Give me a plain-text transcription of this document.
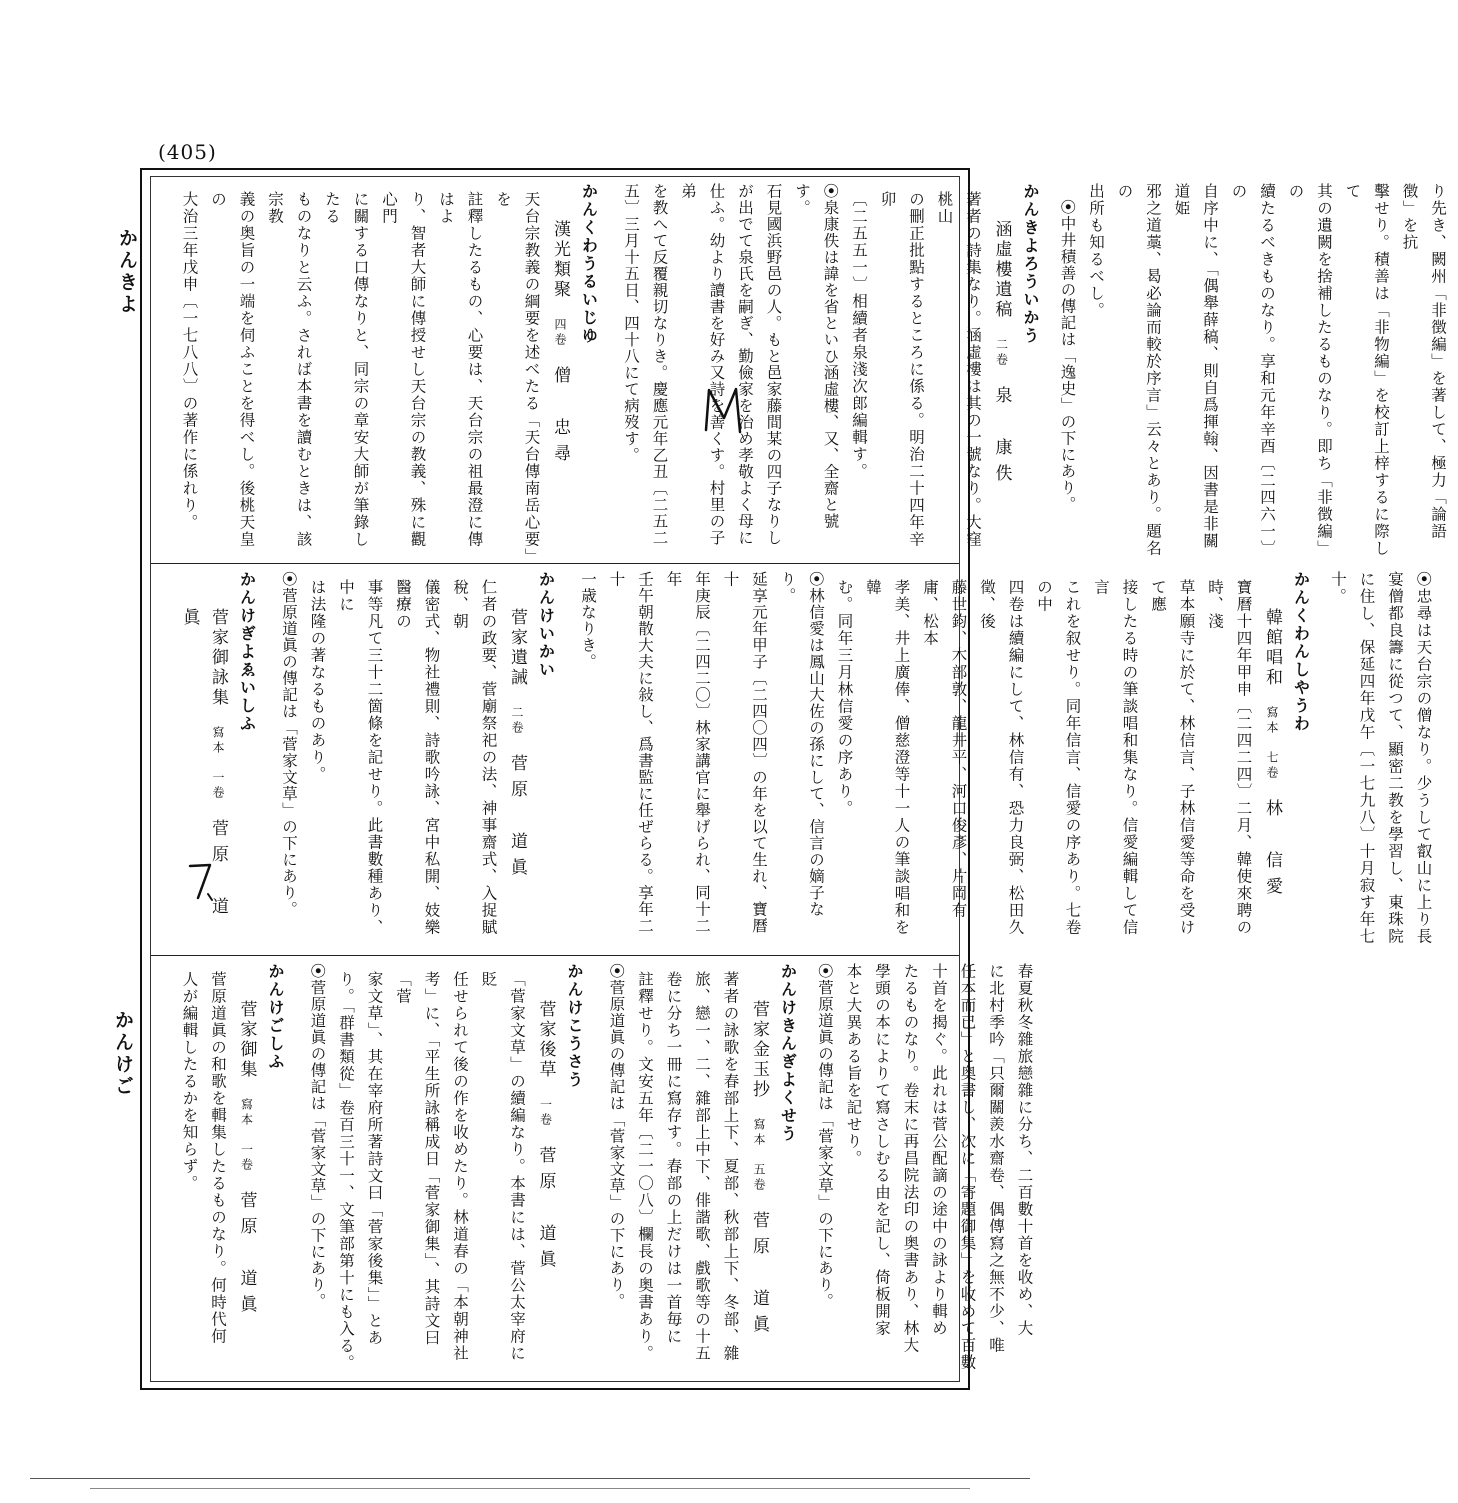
(405)
かんきよ
かんけご
り先き、闕州「非徴編」を著して、極力「論語徴」を抗
擊せり。積善は「非物編」を校訂上梓するに際して
其の遺闕を捨補したるものなり。即ち「非徴編」の
續たるべきものなり。享和元年辛酉〔二四六一〕の
自序中に、「偶舉薛稿、則自爲揮翰、因書是非關道姫
邪之道藁、曷必論而較於序言」云々とあり。題名の
出所も知るべし。
⦿中井積善の傳記は「逸史」の下にあり。
かんきよろういかう
涵虛樓遺稿二卷泉　康佚
著者の詩集なり。涵虛樓は其の一號なり。大窪桃山
の刪正批點するところに係る。明治二十四年辛卯
〔二五五一〕相續者泉淺次郎編輯す。
⦿泉康佚は諱を省といひ涵虛樓、又、全齋と號す。
石見國浜野邑の人。もと邑家藤間某の四子なりし
が出でて泉氏を嗣ぎ、勤儉家を治め孝敬よく母に
仕ふ。幼より讀書を好み又詩を善くす。村里の子弟
を教へて反覆親切なりき。慶應元年乙丑〔二五二
五〕三月十五日、四十八にて病歿す。
かんくわうるいじゆ
漢光類聚四卷僧　忠尋
天台宗教義の綱要を述べたる「天台傳南岳心要」を
註釋したるもの、心要は、天台宗の祖最澄に傳はよ
り、智者大師に傳授せし天台宗の教義、殊に觀心門
に關する口傳なりと、同宗の章安大師が筆錄したる
ものなりと云ふ。されば本書を讀むときは、該宗教
義の奥旨の一端を伺ふことを得べし。後桃天皇の
大治三年戊申〔一七八八〕の著作に係れり。
⦿忠尋は天台宗の僧なり。少うして叡山に上り長
宴僧都良籌に從つて、顯密二教を學習し、東珠院
に住し、保延四年戊午〔一七九八〕十月寂す年七十。
かんくわんしやうわ
韓館唱和寫本　七卷林　信愛
寶曆十四年甲申〔二四二四〕二月、韓使來聘の時、淺
草本願寺に於て、林信言、子林信愛等命を受けて應
接したる時の筆談唱和集なり。信愛編輯して信言
これを叙せり。同年信言、信愛の序あり。七卷の中
四卷は續編にして、林信有、恐力良弼、松田久徵、後
藤世鈞、木部敦、龍井平、河口俊彥、片岡有庸、松本
孝美、井上廣俸、僧慈澄等十一人の筆談唱和を韓
む。同年三月林信愛の序あり。
⦿林信愛は鳳山大佐の孫にして、信言の嫡子なり。
延享元年甲子〔二四〇四〕の年を以て生れ、寶曆十
年庚辰〔二四二〇〕林家講官に舉げられ、同十二年
壬午朝散大夫に敍し、爲書監に任ぜらる。享年二十
一歳なりき。
かんけいかい
菅家遺誡二卷菅原　道眞
仁者の政要、菅廟祭祀の法、神事齋式、入捉賦稅、朝
儀密式、物社禮則、詩歌吟詠、宮中私開、妓樂醫療の
事等凡て三十二箇條を記せり。此書數種あり、中に
は法隆の著なるものあり。
⦿菅原道眞の傳記は「菅家文草」の下にあり。
かんけぎよゑいしふ
菅家御詠集寫本　一卷菅原　道眞
春夏秋冬雜旅戀雜に分ち、二百數十首を收め、大
に北村季吟「只爾關羨水齋卷、偶傳寫之無不少、唯
任本而已」と奥書し、次に「寄題御集」を收めて百數
十首を揭ぐ。此れは菅公配謫の途中の詠より輯め
たるものなり。卷末に再昌院法印の奥書あり、林大
學頭の本によりて寫さしむる由を記し、倚板開家
本と大異ある旨を記せり。
⦿菅原道眞の傳記は「菅家文草」の下にあり。
かんけきんぎよくせう
菅家金玉抄寫本　五卷菅原　道眞
著者の詠歌を春部上下、夏部、秋部上下、冬部、雜
旅、戀一、二、雜部上中下、俳諧歌、戲歌等の十五
卷に分ち一冊に寫存す。春部の上だけは一首毎に
註釋せり。文安五年〔二一〇八〕欄長の奥書あり。
⦿菅原道眞の傳記は「菅家文草」の下にあり。
かんけこうさう
菅家後草一卷菅原　道眞
「菅家文草」の續編なり。本書には、菅公太宰府に貶
任せられて後の作を收めたり。林道春の「本朝神社
考」に、「平生所詠稱成日「菅家御集」、其詩文曰「菅
家文草」、其在宰府所著詩文曰「菅家後集」」とあ
り。「群書類從」卷百三十一、文筆部第十にも入る。
⦿菅原道眞の傳記は「菅家文草」の下にあり。
かんけごしふ
菅家御集寫本　一卷菅原　道眞
菅原道眞の和歌を輯集したるものなり。何時代何
人が編輯したるかを知らず。
